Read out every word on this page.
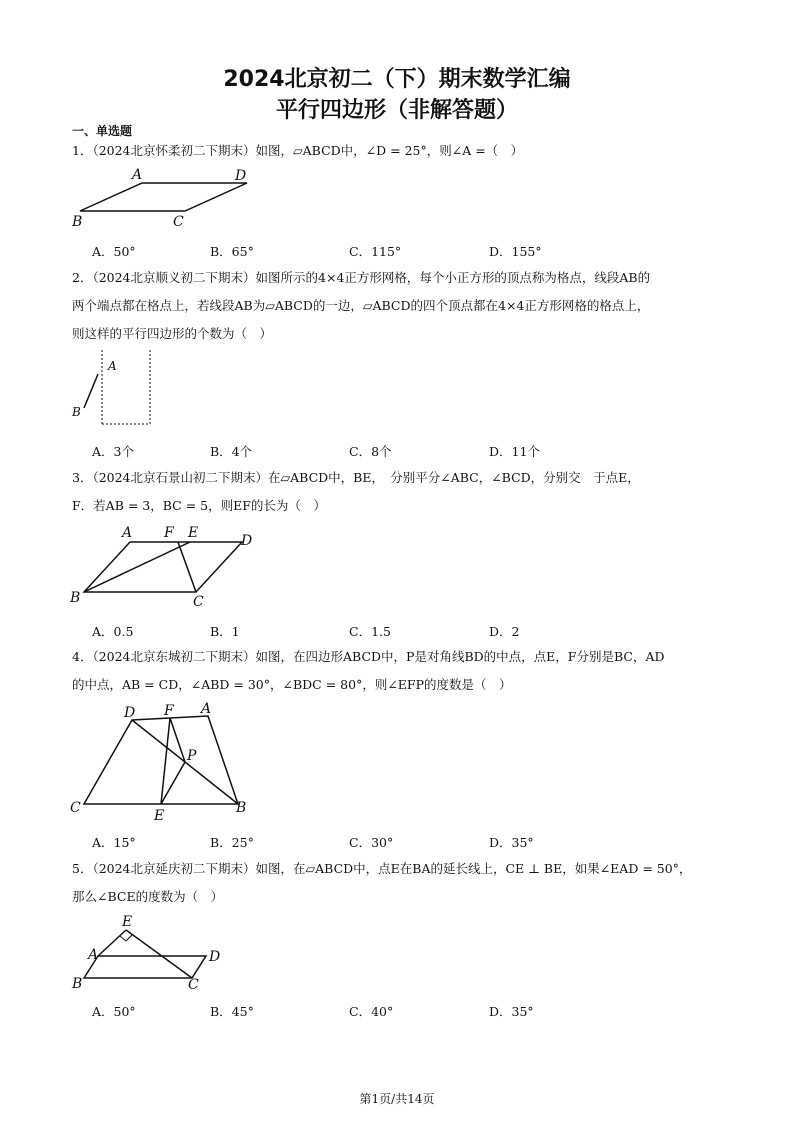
2024北京初二（下）期末数学汇编
平行四边形（非解答题）
一、单选题
1．（2024北京怀柔初二下期末）如图，▱ABCD中，∠D = 25°，则∠A =（　）
A	D
B	C
A．50°	B．65°	C．115°	D．155°
2．（2024北京顺义初二下期末）如图所示的4×4正方形网格，每个小正方形的顶点称为格点，线段AB的
两个端点都在格点上，若线段AB为▱ABCD的一边，▱ABCD的四个顶点都在4×4正方形网格的格点上，
则这样的平行四边形的个数为（　）
A
B
A．3个	B．4个	C．8个	D．11个
3．（2024北京石景山初二下期末）在▱ABCD中，BE，　分别平分∠ABC，∠BCD，分别交　于点E，
F．若AB = 3，BC = 5，则EF的长为（　）
A F E	D
B	C
A．0.5	B．1	C．1.5	D．2
4．（2024北京东城初二下期末）如图，在四边形ABCD中，P是对角线BD的中点，点E，F分别是BC，AD
的中点，AB = CD，∠ABD = 30°，∠BDC = 80°，则∠EFP的度数是（　）
D F A
P
C	E	B
A．15°	B．25°	C．30°	D．35°
5．（2024北京延庆初二下期末）如图，在▱ABCD中，点E在BA的延长线上，CE ⊥ BE，如果∠EAD = 50°，
那么∠BCE的度数为（　）
E
A	D
B	C
A．50°	B．45°	C．40°	D．35°
第1页/共14页
